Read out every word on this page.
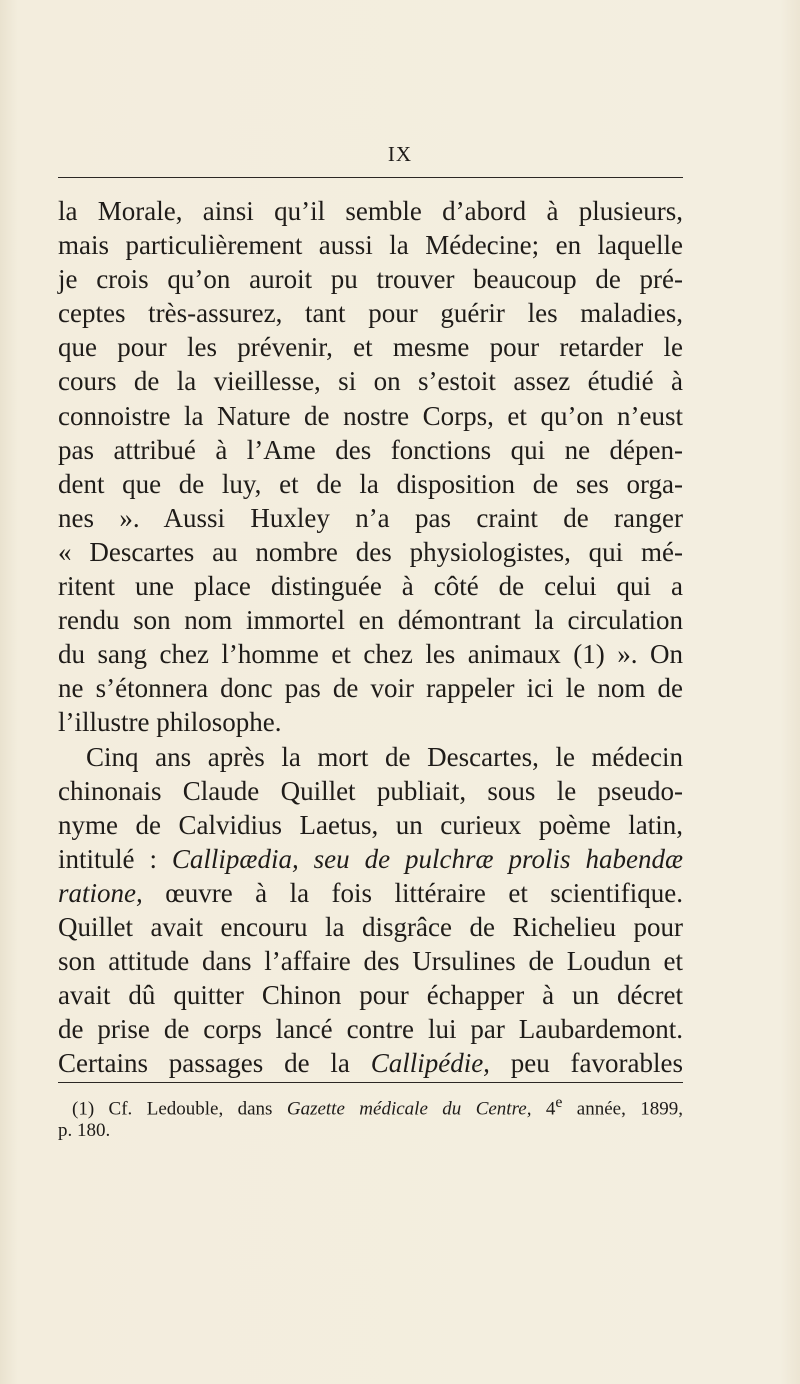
IX
la Morale, ainsi qu’il semble d’abord à plusieurs,
mais particulièrement aussi la Médecine; en laquelle
je crois qu’on auroit pu trouver beaucoup de pré-
ceptes très-assurez, tant pour guérir les maladies,
que pour les prévenir, et mesme pour retarder le
cours de la vieillesse, si on s’estoit assez étudié à
connoistre la Nature de nostre Corps, et qu’on n’eust
pas attribué à l’Ame des fonctions qui ne dépen-
dent que de luy, et de la disposition de ses orga-
nes ». Aussi Huxley n’a pas craint de ranger
« Descartes au nombre des physiologistes, qui mé-
ritent une place distinguée à côté de celui qui a
rendu son nom immortel en démontrant la circulation
du sang chez l’homme et chez les animaux (1) ». On
ne s’étonnera donc pas de voir rappeler ici le nom de
l’illustre philosophe.
Cinq ans après la mort de Descartes, le médecin
chinonais Claude Quillet publiait, sous le pseudo-
nyme de Calvidius Laetus, un curieux poème latin,
intitulé : Callipædia, seu de pulchræ prolis habendæ
ratione, œuvre à la fois littéraire et scientifique.
Quillet avait encouru la disgrâce de Richelieu pour
son attitude dans l’affaire des Ursulines de Loudun et
avait dû quitter Chinon pour échapper à un décret
de prise de corps lancé contre lui par Laubardemont.
Certains passages de la Callipédie, peu favorables
(1) Cf. Ledouble, dans Gazette médicale du Centre, 4e année, 1899,
p. 180.
